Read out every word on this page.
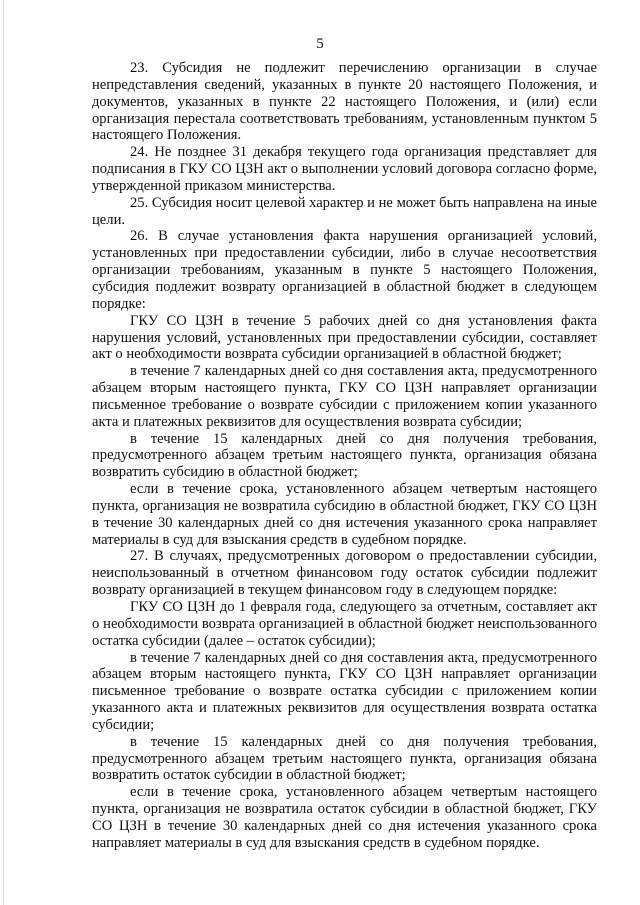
5

23. Субсидия не подлежит перечислению организации в случае непредставления сведений, указанных в пункте 20 настоящего Положения, и документов, указанных в пункте 22 настоящего Положения, и (или) если организация перестала соответствовать требованиям, установленным пунктом 5 настоящего Положения.

24. Не позднее 31 декабря текущего года организация представляет для подписания в ГКУ СО ЦЗН акт о выполнении условий договора согласно форме, утвержденной приказом министерства.

25. Субсидия носит целевой характер и не может быть направлена на иные цели.

26. В случае установления факта нарушения организацией условий, установленных при предоставлении субсидии, либо в случае несоответствия организации требованиям, указанным в пункте 5 настоящего Положения, субсидия подлежит возврату организацией в областной бюджет в следующем порядке:

ГКУ СО ЦЗН в течение 5 рабочих дней со дня установления факта нарушения условий, установленных при предоставлении субсидии, составляет акт о необходимости возврата субсидии организацией в областной бюджет;

в течение 7 календарных дней со дня составления акта, предусмотренного абзацем вторым настоящего пункта, ГКУ СО ЦЗН направляет организации письменное требование о возврате субсидии с приложением копии указанного акта и платежных реквизитов для осуществления возврата субсидии;

в течение 15 календарных дней со дня получения требования, предусмотренного абзацем третьим настоящего пункта, организация обязана возвратить субсидию в областной бюджет;

если в течение срока, установленного абзацем четвертым настоящего пункта, организация не возвратила субсидию в областной бюджет, ГКУ СО ЦЗН в течение 30 календарных дней со дня истечения указанного срока направляет материалы в суд для взыскания средств в судебном порядке.

27. В случаях, предусмотренных договором о предоставлении субсидии, неиспользованный в отчетном финансовом году остаток субсидии подлежит возврату организацией в текущем финансовом году в следующем порядке:

ГКУ СО ЦЗН до 1 февраля года, следующего за отчетным, составляет акт о необходимости возврата организацией в областной бюджет неиспользованного остатка субсидии (далее – остаток субсидии);

в течение 7 календарных дней со дня составления акта, предусмотренного абзацем вторым настоящего пункта, ГКУ СО ЦЗН направляет организации письменное требование о возврате остатка субсидии с приложением копии указанного акта и платежных реквизитов для осуществления возврата остатка субсидии;

в течение 15 календарных дней со дня получения требования, предусмотренного абзацем третьим настоящего пункта, организация обязана возвратить остаток субсидии в областной бюджет;

если в течение срока, установленного абзацем четвертым настоящего пункта, организация не возвратила остаток субсидии в областной бюджет, ГКУ СО ЦЗН в течение 30 календарных дней со дня истечения указанного срока направляет материалы в суд для взыскания средств в судебном порядке.
